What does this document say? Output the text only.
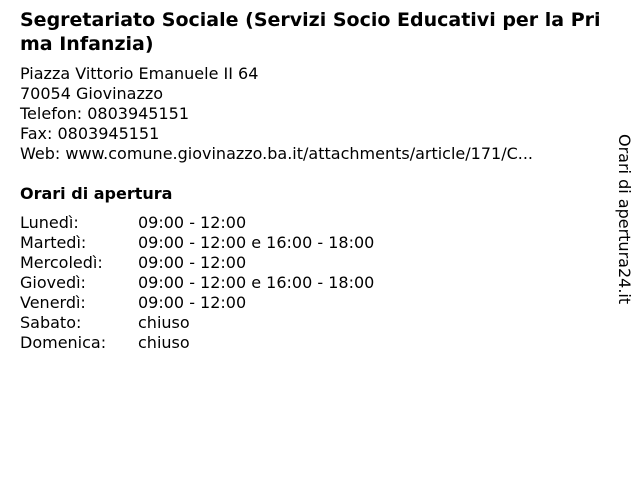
Segretariato Sociale (Servizi Socio Educativi per la Prima Infanzia)
Piazza Vittorio Emanuele II 64
70054 Giovinazzo
Telefon: 0803945151
Fax: 0803945151
Web: www.comune.giovinazzo.ba.it/attachments/article/171/C...
Orari di apertura
Lunedì:	09:00 - 12:00
Martedì:	09:00 - 12:00 e 16:00 - 18:00
Mercoledì:	09:00 - 12:00
Giovedì:	09:00 - 12:00 e 16:00 - 18:00
Venerdì:	09:00 - 12:00
Sabato:	chiuso
Domenica:	chiuso
Orari di apertura24.it
